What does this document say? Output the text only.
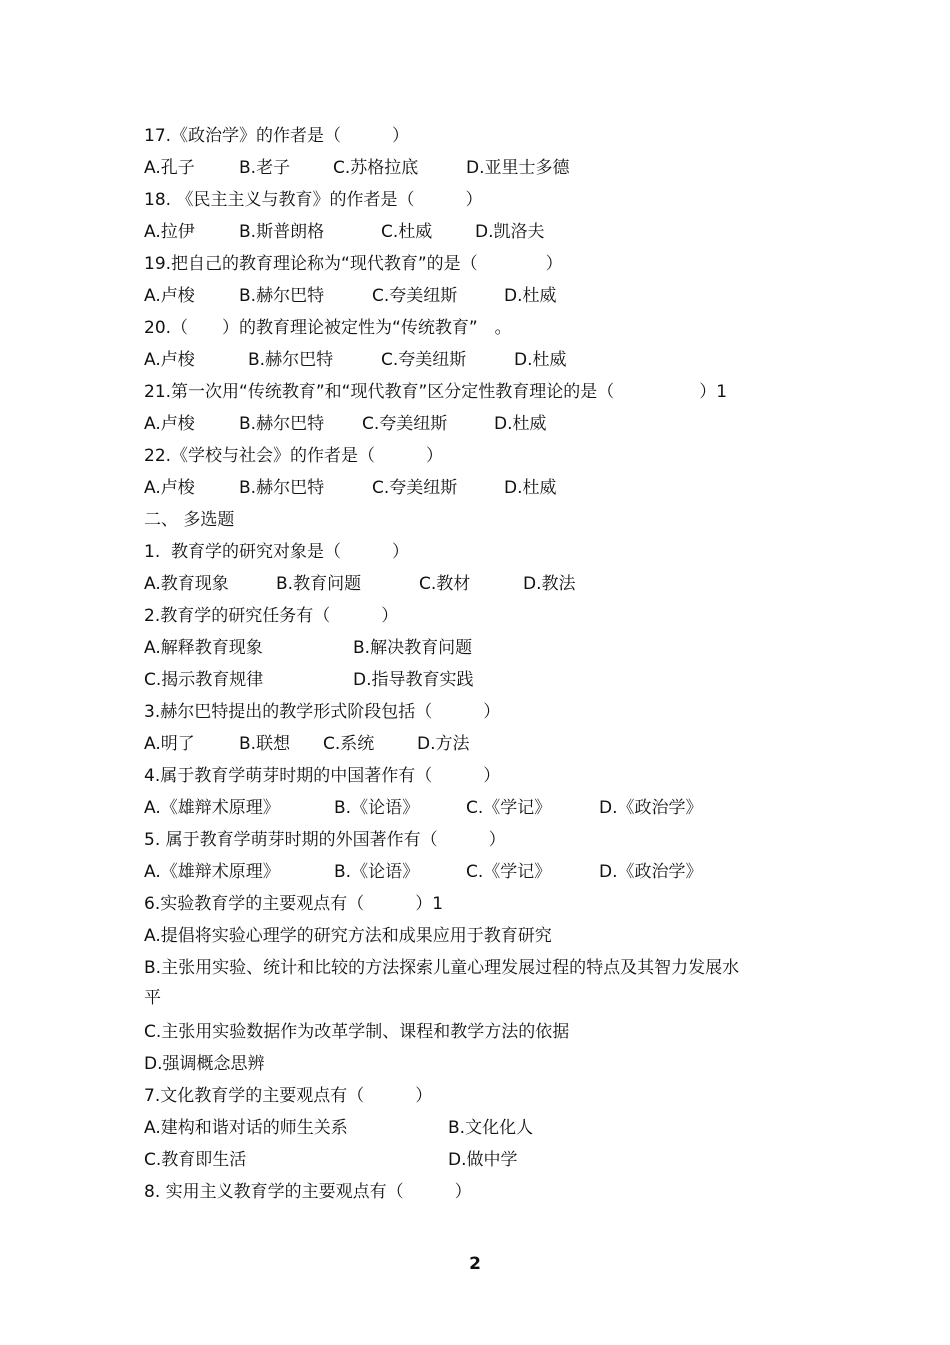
17.《政治学》的作者是（　　　）
A.孔子	B.老子	C.苏格拉底	D.亚里士多德
18. 《民主主义与教育》的作者是（　　　）
A.拉伊	B.斯普朗格	C.杜威	D.凯洛夫
19.把自己的教育理论称为“现代教育”的是（　　　　）
A.卢梭	B.赫尔巴特	C.夸美纽斯	D.杜威
20.（　　）的教育理论被定性为“传统教育”　。
A.卢梭	B.赫尔巴特	C.夸美纽斯	D.杜威
21.第一次用“传统教育”和“现代教育”区分定性教育理论的是（　　　　　）1
A.卢梭	B.赫尔巴特 C.夸美纽斯	D.杜威
22.《学校与社会》的作者是（　　　）
A.卢梭	B.赫尔巴特	C.夸美纽斯	D.杜威
二、 多选题
1.  教育学的研究对象是（　　　）
A.教育现象	B.教育问题	C.教材	D.教法
2.教育学的研究任务有（　　　）
A.解释教育现象	B.解决教育问题
C.揭示教育规律	D.指导教育实践
3.赫尔巴特提出的教学形式阶段包括（　　　）
A.明了	B.联想 C.系统	D.方法
4.属于教育学萌芽时期的中国著作有（　　　）
A.《雄辩术原理》	B.《论语》	C.《学记》	D.《政治学》
5. 属于教育学萌芽时期的外国著作有（　　　）
A.《雄辩术原理》	B.《论语》	C.《学记》	D.《政治学》
6.实验教育学的主要观点有（　　　）1
A.提倡将实验心理学的研究方法和成果应用于教育研究
B.主张用实验、统计和比较的方法探索儿童心理发展过程的特点及其智力发展水
平
C.主张用实验数据作为改革学制、课程和教学方法的依据
D.强调概念思辨
7.文化教育学的主要观点有（　　　）
A.建构和谐对话的师生关系	B.文化化人
C.教育即生活	D.做中学
8. 实用主义教育学的主要观点有（　　　）
2
